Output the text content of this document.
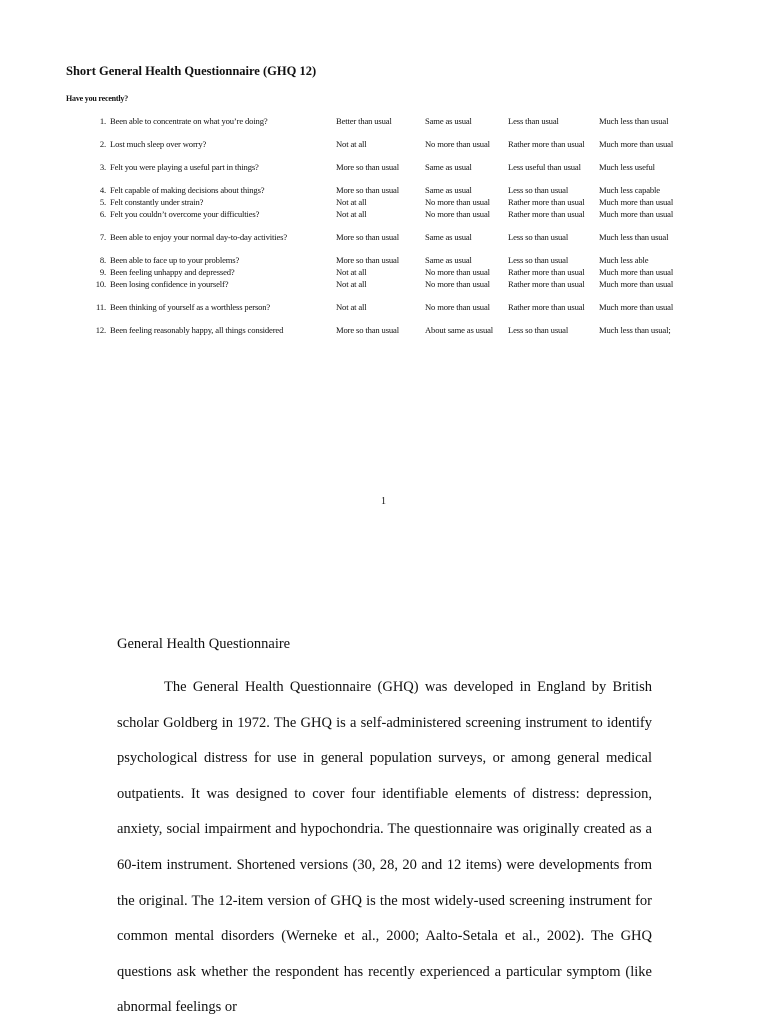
Short General Health Questionnaire (GHQ 12)
Have you recently?
1.	Been able to concentrate on what you’re doing?	Better than usual	Same as usual	Less than usual	Much less than usual
2.	Lost much sleep over worry?	Not at all	No more than usual	Rather more than usual	Much more than usual
3.	Felt you were playing a useful part in things?	More so than usual	Same as usual	Less useful than usual	Much less useful
4.	Felt capable of making decisions about things?	More so than usual	Same as usual	Less so than usual	Much less capable
5.	Felt constantly under strain?	Not at all	No more than usual	Rather more than usual	Much more than usual
6.	Felt you couldn’t overcome your difficulties?	Not at all	No more than usual	Rather more than usual	Much more than usual
7.	Been able to enjoy your normal day-to-day activities?	More so than usual	Same as usual	Less so than usual	Much less than usual
8.	Been able to face up to your problems?	More so than usual	Same as usual	Less so than usual	Much less able
9.	Been feeling unhappy and depressed?	Not at all	No more than usual	Rather more than usual	Much more than usual
10.	Been losing confidence in yourself?	Not at all	No more than usual	Rather more than usual	Much more than usual
11.	Been thinking of yourself as a worthless person?	Not at all	No more than usual	Rather more than usual	Much more than usual
12.	Been feeling reasonably happy, all things considered	More so than usual	About same as usual	Less so than usual	Much less than usual;
1
General Health Questionnaire
The General Health Questionnaire (GHQ) was developed in England by British scholar Goldberg in 1972. The GHQ is a self-administered screening instrument to identify psychological distress for use in general population surveys, or among general medical outpatients. It was designed to cover four identifiable elements of distress: depression, anxiety, social impairment and hypochondria. The questionnaire was originally created as a 60-item instrument. Shortened versions (30, 28, 20 and 12 items) were developments from the original. The 12-item version of GHQ is the most widely-used screening instrument for common mental disorders (Werneke et al., 2000; Aalto-Setala et al., 2002). The GHQ questions ask whether the respondent has recently experienced a particular symptom (like abnormal feelings or
